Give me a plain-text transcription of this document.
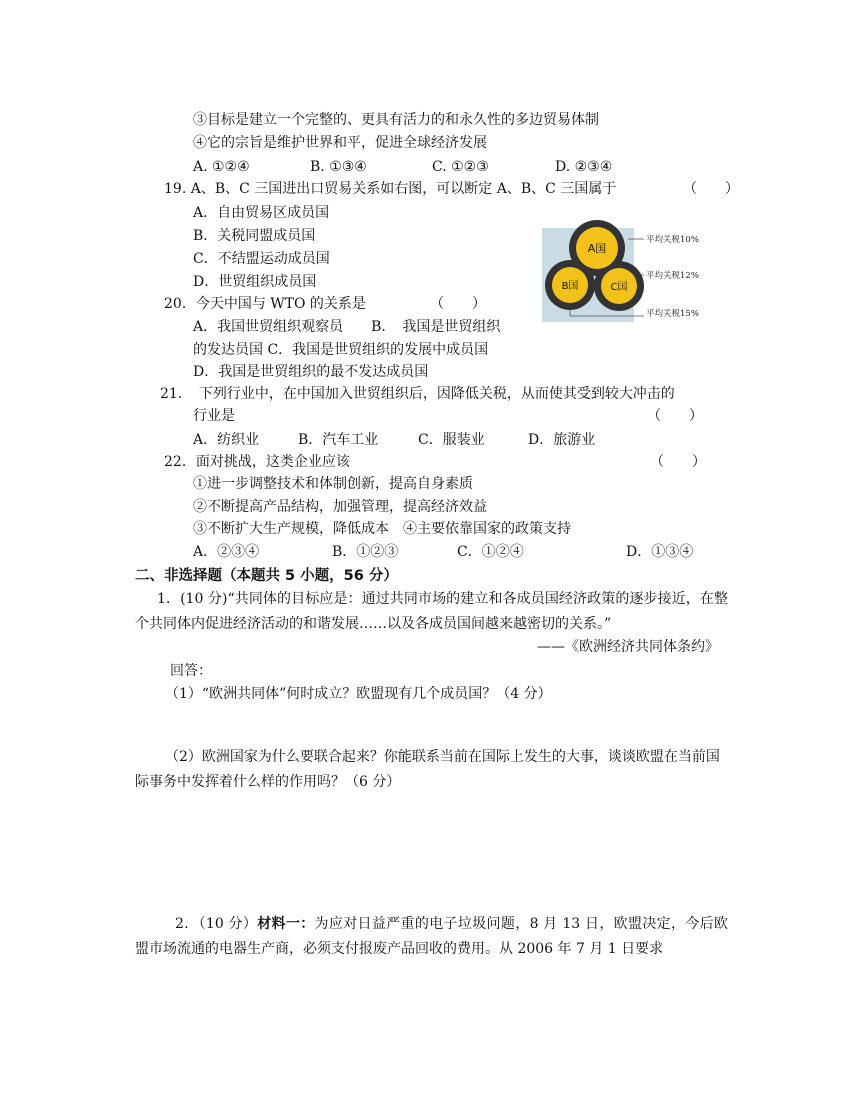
③目标是建立一个完整的、更具有活力的和永久性的多边贸易体制
④它的宗旨是维护世界和平，促进全球经济发展
A. ①②④	B. ①③④	C. ①②③	D. ②③④
19. A、B、C 三国进出口贸易关系如右图，可以断定 A、B、C 三国属于	（　　）
A．自由贸易区成员国
B．关税同盟成员国
C．不结盟运动成员国
D．世贸组织成员国
A国
B国	C国
平均关税10%
平均关税12%
平均关税15%
20．今天中国与 WTO 的关系是	（　　）
A．我国世贸组织观察员　　B．　我国是世贸组织
的发达员国 C．我国是世贸组织的发展中成员国
D．我国是世贸组织的最不发达成员国
21．　下列行业中，在中国加入世贸组织后，因降低关税，从而使其受到较大冲击的
行业是	（　　）
A．纺织业	B．汽车工业	C．服装业	D．旅游业
22．面对挑战，这类企业应该	（　　）
①进一步调整技术和体制创新，提高自身素质
②不断提高产品结构，加强管理，提高经济效益
③不断扩大生产规模，降低成本　④主要依靠国家的政策支持
A．②③④	B．①②③	C．①②④	D．①③④
二、非选择题（本题共 5 小题，56 分）
1．(10 分)“共同体的目标应是：通过共同市场的建立和各成员国经济政策的逐步接近，在整个共同体内促进经济活动的和谐发展……以及各成员国间越来越密切的关系。”
——《欧洲经济共同体条约》
回答：
（1）“欧洲共同体”何时成立？欧盟现有几个成员国？（4 分）
（2）欧洲国家为什么要联合起来？你能联系当前在国际上发生的大事，谈谈欧盟在当前国际事务中发挥着什么样的作用吗？（6 分）
2．（10 分）材料一：为应对日益严重的电子垃圾问题，8 月 13 日，欧盟决定，今后欧盟市场流通的电器生产商，必须支付报废产品回收的费用。从 2006 年 7 月 1 日要求
